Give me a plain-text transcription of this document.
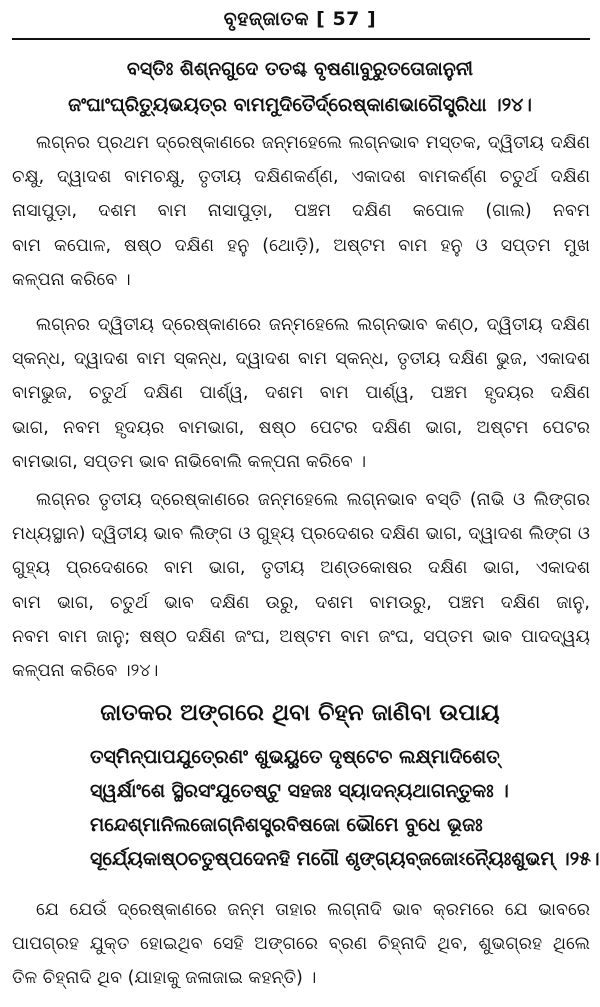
ବୃହଜ୍ଜାତକ [ 57 ]
ବସ୍ତିଃ ଶିଶ୍ନଗୁଦେ ତତଶ୍ଚ ବୃଷଣାବୁରୁତତୋଜାନୁନୀ
ଜଂଘାଂଘ୍ରିତ୍ୟୁଭୟତ୍ର ବାମମୁଦିତୈର୍ଦ୍ରେଷ୍କାଣଭାଗୈସ୍ତ୍ରିଧା ।୨୪।
ଲଗ୍ନର ପ୍ରଥମ ଦ୍ରେଷ୍କାଣରେ ଜନ୍ମହେଲେ ଲଗ୍ନଭାବ ମସ୍ତକ, ଦ୍ୱିତୀୟ ଦକ୍ଷିଣ
ଚକ୍ଷୁ, ଦ୍ୱାଦଶ ବାମଚକ୍ଷୁ, ତୃତୀୟ ଦକ୍ଷିଣକର୍ଣ୍ଣ, ଏକାଦଶ ବାମକର୍ଣ୍ଣ ଚତୁର୍ଥ ଦକ୍ଷିଣ
ନାସାପୁଡ଼ା, ଦଶମ ବାମ ନାସାପୁଡ଼ା, ପଞ୍ଚମ ଦକ୍ଷିଣ କପୋଳ (ଗାଲ) ନବମ
ବାମ କପୋଳ, ଷଷ୍ଠ ଦକ୍ଷିଣ ହନୁ (ଥୋଡ଼ି), ଅଷ୍ଟମ ବାମ ହନୁ ଓ ସପ୍ତମ ମୁଖ
କଳ୍ପନା କରିବେ ।
ଲଗ୍ନର ଦ୍ୱିତୀୟ ଦ୍ରେଷ୍କାଣରେ ଜନ୍ମହେଲେ ଲଗ୍ନଭାବ କଣ୍ଠ, ଦ୍ୱିତୀୟ ଦକ୍ଷିଣ
ସ୍କନ୍ଧ, ଦ୍ୱାଦଶ ବାମ ସ୍କନ୍ଧ, ଦ୍ୱାଦଶ ବାମ ସ୍କନ୍ଧ, ତୃତୀୟ ଦକ୍ଷିଣ ଭୁଜ, ଏକାଦଶ
ବାମଭୁଜ, ଚତୁର୍ଥ ଦକ୍ଷିଣ ପାର୍ଶ୍ୱ, ଦଶମ ବାମ ପାର୍ଶ୍ୱ, ପଞ୍ଚମ ହୃଦୟର ଦକ୍ଷିଣ
ଭାଗ, ନବମ ହୃଦୟର ବାମଭାଗ, ଷଷ୍ଠ ପେଟର ଦକ୍ଷିଣ ଭାଗ, ଅଷ୍ଟମ ପେଟର
ବାମଭାଗ, ସପ୍ତମ ଭାବ ନାଭିବୋଲି କଳ୍ପନା କରିବେ ।
ଲଗ୍ନର ତୃତୀୟ ଦ୍ରେଷ୍କାଣରେ ଜନ୍ମହେଲେ ଲଗ୍ନଭାବ ବସ୍ତି (ନାଭି ଓ ଲିଙ୍ଗର
ମଧ୍ୟସ୍ଥାନ) ଦ୍ୱିତୀୟ ଭାବ ଲିଙ୍ଗ ଓ ଗୁହ୍ୟ ପ୍ରଦେଶର ଦକ୍ଷିଣ ଭାଗ, ଦ୍ୱାଦଶ ଲିଙ୍ଗ ଓ
ଗୁହ୍ୟ ପ୍ରଦେଶରେ ବାମ ଭାଗ, ତୃତୀୟ ଅଣ୍ଡକୋଷର ଦକ୍ଷିଣ ଭାଗ, ଏକାଦଶ
ବାମ ଭାଗ, ଚତୁର୍ଥ ଭାବ ଦକ୍ଷିଣ ଉରୁ, ଦଶମ ବାମଉରୁ, ପଞ୍ଚମ ଦକ୍ଷିଣ ଜାନୁ,
ନବମ ବାମ ଜାନୁ; ଷଷ୍ଠ ଦକ୍ଷିଣ ଜଂଘ, ଅଷ୍ଟମ ବାମ ଜଂଘ, ସପ୍ତମ ଭାବ ପାଦଦ୍ୱୟ
କଳ୍ପନା କରିବେ ।୨୪।
ଜାତକର ଅଙ୍ଗରେ ଥିବା ଚିହ୍ନ ଜାଣିବା ଉପାୟ
ତସ୍ମିନ୍‌ପାପଯୁତେ୍ରଣଂ ଶୁଭୟୁତେ ଦୃଷ୍ଟେଚ ଲକ୍ଷ୍ମାଦିଶେତ୍
ସ୍ୱର୍କ୍ଷାଂଶେ ସ୍ଥିରସଂଯୁତେଷ୍ଟୁ ସହଜଃ ସ୍ୟାଦନ୍ୟଥାଗନ୍ତୁକଃ ।
ମନ୍ଦେଶ୍ମାନିଲଜୋଗ୍ନିଶସ୍ତ୍ରବିଷଜୋ ଭୌମେ ବୁଧେ ଭୂଜଃ
ସୂର୍ଯ୍ୟେକାଷ୍ଠଚତୁଷ୍ପଦେନହି ମଗୌ ଶୃଙ୍ଗ୍ୟବ୍ଜଜୋଽନ୍ୟୈଃଶୁଭମ୍ ।୨୫।
ଯେ ଯେଉଁ ଦ୍ରେଷ୍କାଣରେ ଜନ୍ମ ତାହାର ଲଗ୍ନାଦି ଭାବ କ୍ରମରେ ଯେ ଭାବରେ
ପାପଗ୍ରହ ଯୁକ୍ତ ହୋଇଥିବ ସେହି ଅଙ୍ଗରେ ବ୍ରଣ ଚିହ୍ନାଦି ଥିବ, ଶୁଭଗ୍ରହ ଥିଲେ
ତିଳ ଚିହ୍ନାଦି ଥିବ (ଯାହାକୁ ଜଳାଜାଇ କହନ୍ତି) ।
